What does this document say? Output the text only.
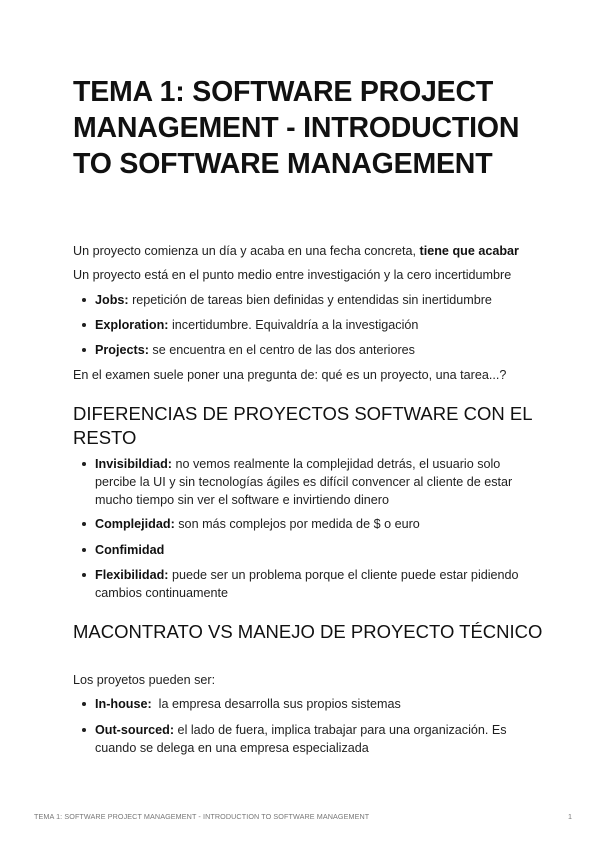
TEMA 1: SOFTWARE PROJECT MANAGEMENT - INTRODUCTION TO SOFTWARE MANAGEMENT

Un proyecto comienza un día y acaba en una fecha concreta, tiene que acabar

Un proyecto está en el punto medio entre investigación y la cero incertidumbre

Jobs: repetición de tareas bien definidas y entendidas sin inertidumbre
Exploration: incertidumbre. Equivaldría a la investigación
Projects: se encuentra en el centro de las dos anteriores

En el examen suele poner una pregunta de: qué es un proyecto, una tarea...?

DIFERENCIAS DE PROYECTOS SOFTWARE CON EL RESTO
Invisibildiad: no vemos realmente la complejidad detrás, el usuario solo percibe la UI y sin tecnologías ágiles es difícil convencer al cliente de estar mucho tiempo sin ver el software e invirtiendo dinero
Complejidad: son más complejos por medida de $ o euro
Confimidad
Flexibilidad: puede ser un problema porque el cliente puede estar pidiendo cambios continuamente
MACONTRATO VS MANEJO DE PROYECTO TÉCNICO

Los proyetos pueden ser:

In-house:  la empresa desarrolla sus propios sistemas
Out-sourced: el lado de fuera, implica trabajar para una organización. Es cuando se delega en una empresa especializada
TEMA 1: SOFTWARE PROJECT MANAGEMENT - INTRODUCTION TO SOFTWARE MANAGEMENT	1
